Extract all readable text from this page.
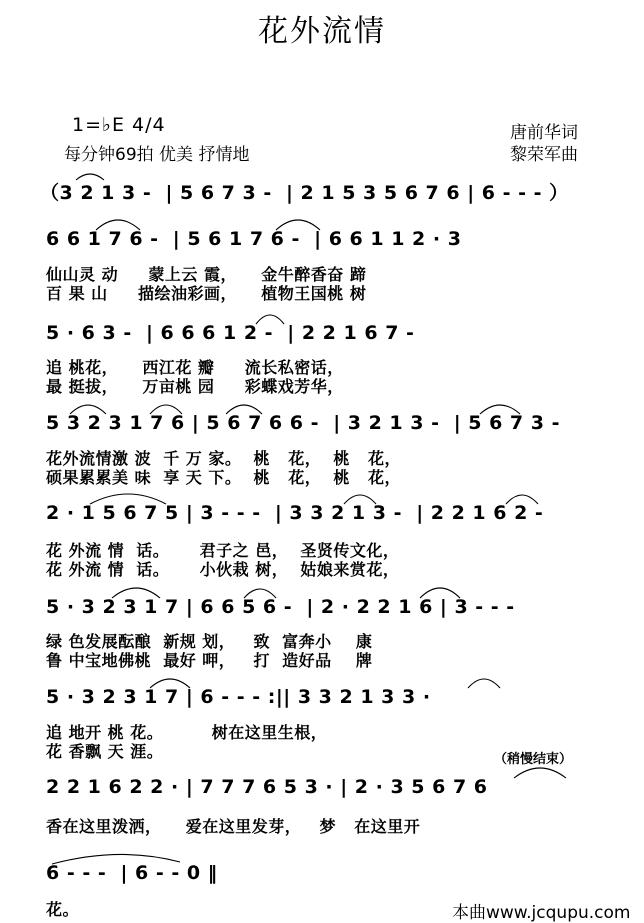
花外流情
1=♭E 4/4
每分钟69拍 优美 抒情地
唐前华词
黎荣军曲
（3 2 1 3 -  | 5 6 7 3 -  | 2 1 5 3 5 6 7 6 | 6 - - - ）
6 6 1 7 6 -  | 5 6 1 7 6 -  | 6 6 1 1 2 · 3
仙山灵 动     蒙上云 霞，    金牛醉香奋 蹄
百 果 山     描绘油彩画，    植物王国桃 树
5 · 6 3 -  | 6 6 6 1 2 -  | 2 2 1 6 7 -
追 桃花，    西江花 瓣     流长私密话，
最 挺拔，    万亩桃 园     彩蝶戏芳华，
5 3 2 3 1 7 6 | 5 6 7 6 6 -  | 3 2 1 3 -  | 5 6 7 3 -
花外流情激 波  千 万 家。  桃   花，  桃   花，
硕果累累美 味  享 天 下。  桃   花，  桃   花，
2 · 1 5 6 7 5 | 3 - - -  | 3 3 2 1 3 -  | 2 2 1 6 2 -
花 外流 情  话。     君子之 邑，  圣贤传文化，
花 外流 情  话。     小伙栽 树，  姑娘来赏花，
5 · 3 2 3 1 7 | 6 6 5 6 -  | 2 · 2 2 1 6 | 3 - - -
绿 色发展酝酿  新规 划，   致  富奔小    康
鲁 中宝地佛桃  最好 呷，   打  造好品    牌
5 · 3 2 3 1 7 | 6 - - - :|| 3 3 2 1 3 3 ·
追 地开 桃 花。        树在这里生根，
花 香飘 天 涯。	（稍慢结束）
2 2 1 6 2 2 · | 7 7 7 6 5 3 · | 2 · 3 5 6 7 6
香在这里泼洒，    爱在这里发芽，   梦   在这里开
6 - - -  | 6 - - 0 ‖
花。	本曲www.jcqupu.com
